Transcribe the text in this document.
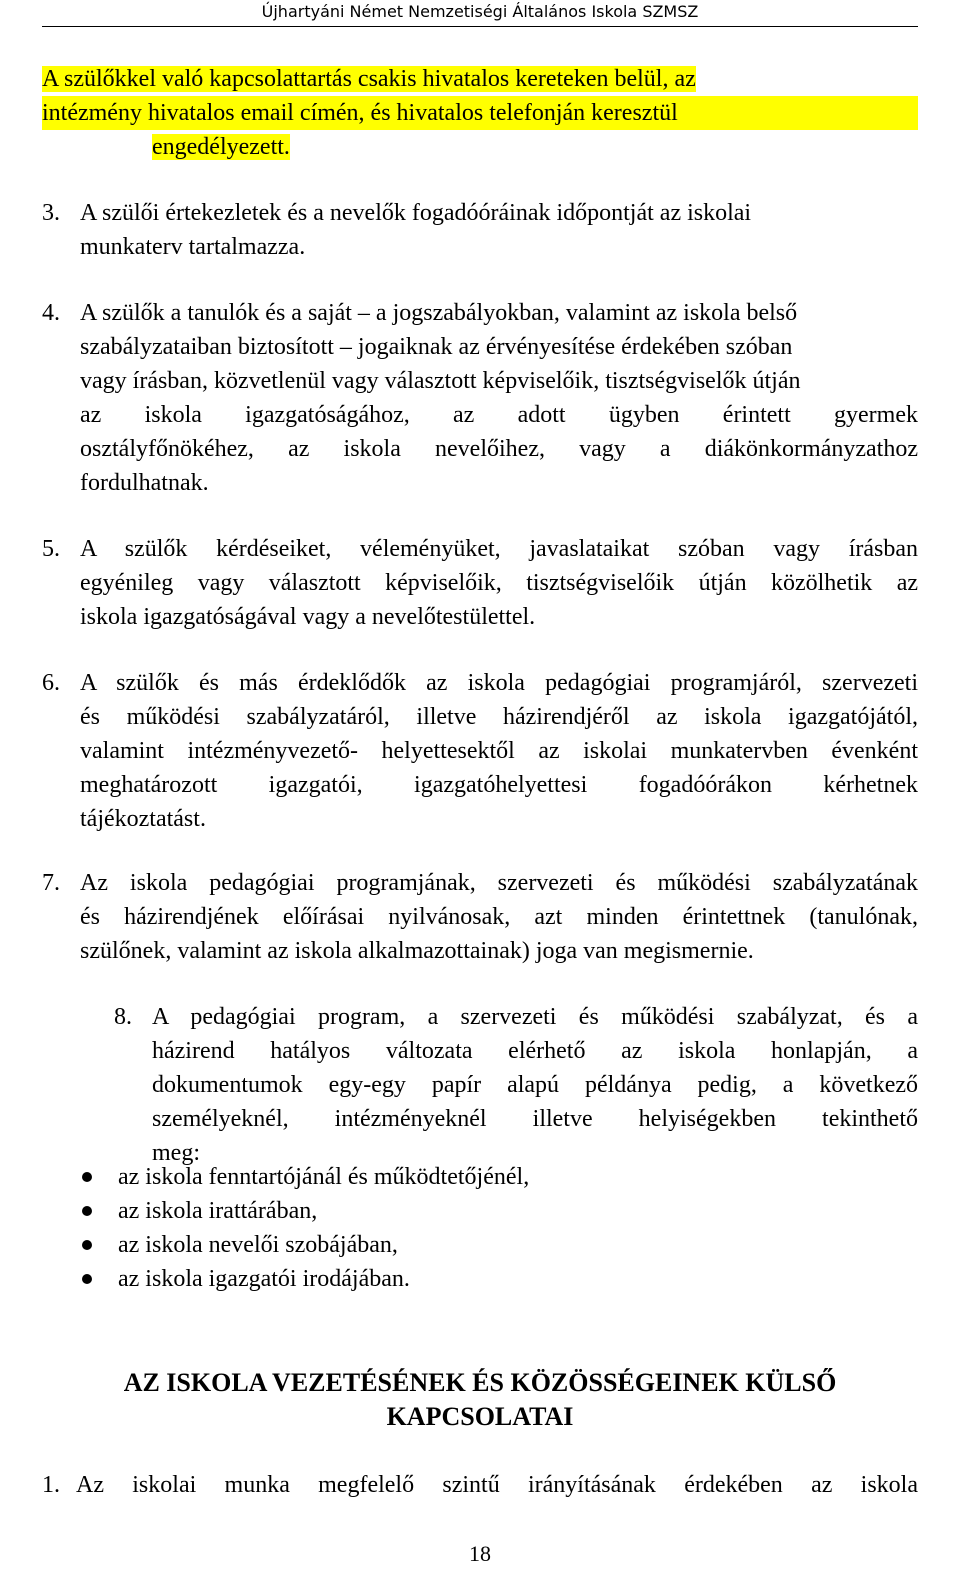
Újhartyáni Német Nemzetiségi Általános Iskola SZMSZ
A szülőkkel való kapcsolattartás csakis hivatalos kereteken belül, az
intézmény hivatalos email címén, és hivatalos telefonján keresztül
engedélyezett.
3. A szülői értekezletek és a nevelők fogadóóráinak időpontját az iskolai
munkaterv tartalmazza.
4. A szülők a tanulók és a saját – a jogszabályokban, valamint az iskola belső
szabályzataiban biztosított – jogaiknak az érvényesítése érdekében szóban
vagy írásban, közvetlenül vagy választott képviselőik, tisztségviselők útján
az iskola igazgatóságához, az adott ügyben érintett gyermek
osztályfőnökéhez, az iskola nevelőihez, vagy a diákönkormányzathoz
fordulhatnak.
5. A szülők kérdéseiket, véleményüket, javaslataikat szóban vagy írásban
egyénileg vagy választott képviselőik, tisztségviselőik útján közölhetik az
iskola igazgatóságával vagy a nevelőtestülettel.
6. A szülők és más érdeklődők az iskola pedagógiai programjáról, szervezeti
és működési szabályzatáról, illetve házirendjéről az iskola igazgatójától,
valamint intézményvezető- helyettesektől az iskolai munkatervben évenként
meghatározott igazgatói, igazgatóhelyettesi fogadóórákon kérhetnek
tájékoztatást.
7. Az iskola pedagógiai programjának, szervezeti és működési szabályzatának
és házirendjének előírásai nyilvánosak, azt minden érintettnek (tanulónak,
szülőnek, valamint az iskola alkalmazottainak) joga van megismernie.
8. A pedagógiai program, a szervezeti és működési szabályzat, és a
házirend hatályos változata elérhető az iskola honlapján, a
dokumentumok egy-egy papír alapú példánya pedig, a következő
személyeknél, intézményeknél illetve helyiségekben tekinthető
meg:
az iskola fenntartójánál és működtetőjénél,
az iskola irattárában,
az iskola nevelői szobájában,
az iskola igazgatói irodájában.
AZ ISKOLA VEZETÉSÉNEK ÉS KÖZÖSSÉGEINEK KÜLSŐ
KAPCSOLATAI
1. Az iskolai munka megfelelő szintű irányításának érdekében az iskola
18
